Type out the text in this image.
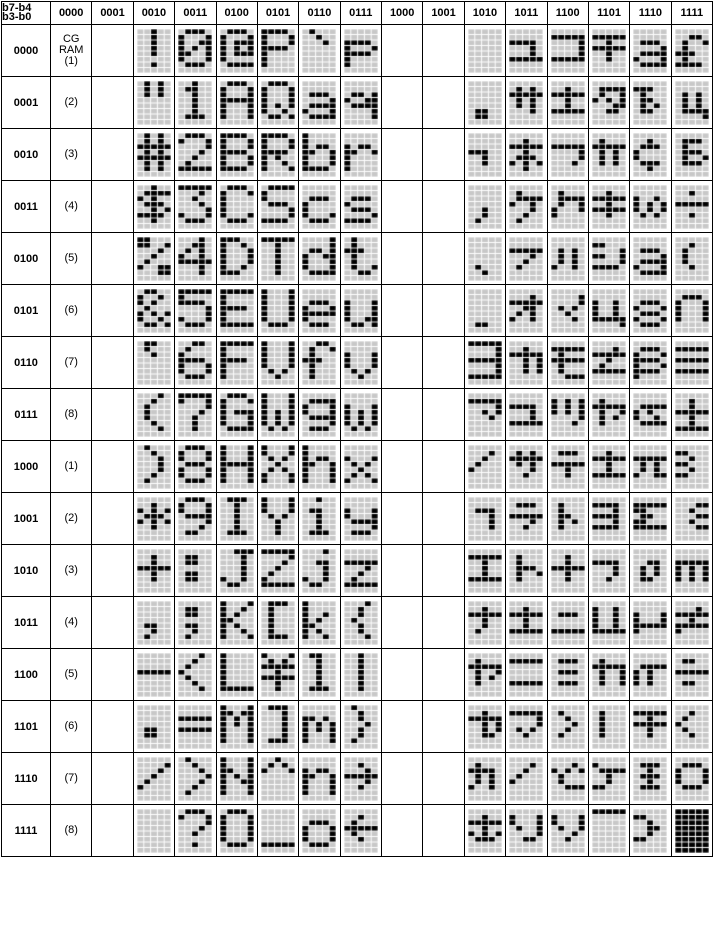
b7-b4
b3-b0	0000	0001	0010	0011	0100	0101	0110	0111	1000	1001	1010	1011	1100	1101	1110	1111
0000	CG
RAM
(1)

0001	(2)

0010	(3)

0011	(4)

0100	(5)

0101	(6)

0110	(7)

0111	(8)

1000	(1)

1001	(2)

1010	(3)

1011	(4)

1100	(5)

1101	(6)

1110	(7)

1111	(8)
